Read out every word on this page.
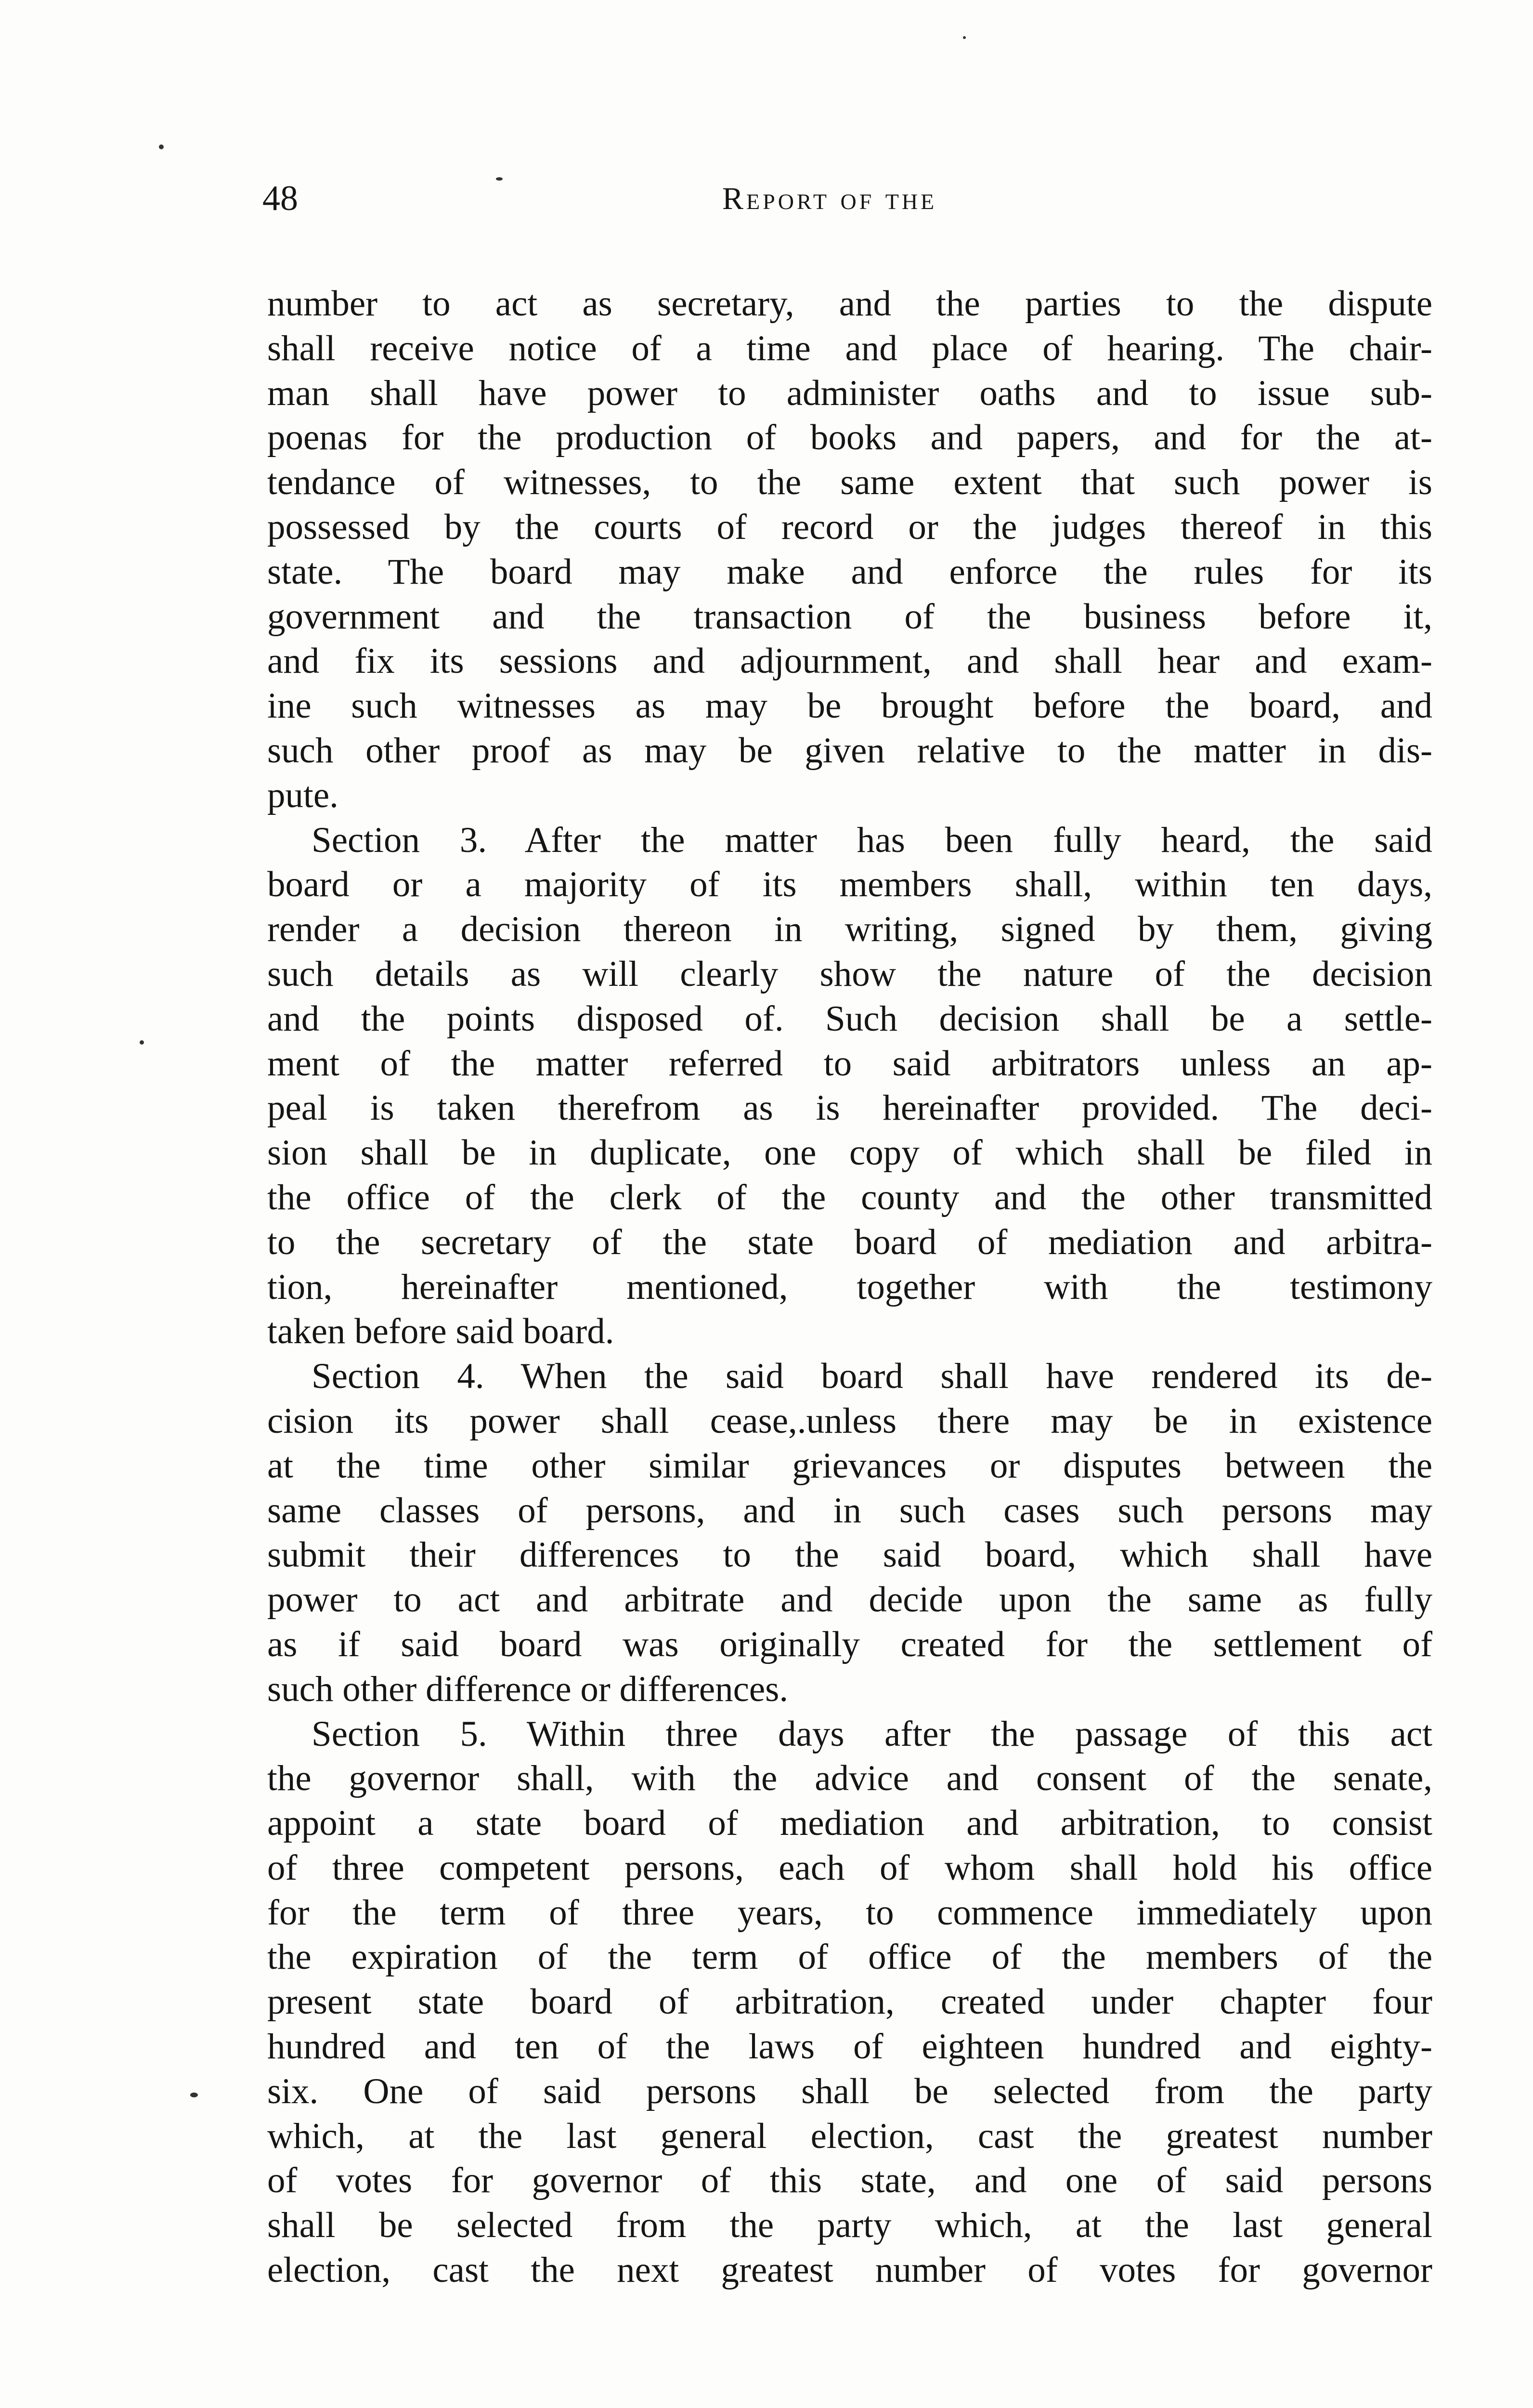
48	Report of the
number to act as secretary, and the parties to the dispute
shall receive notice of a time and place of hearing. The chair-
man shall have power to administer oaths and to issue sub-
poenas for the production of books and papers, and for the at-
tendance of witnesses, to the same extent that such power is
possessed by the courts of record or the judges thereof in this
state. The board may make and enforce the rules for its
government and the transaction of the business before it,
and fix its sessions and adjournment, and shall hear and exam-
ine such witnesses as may be brought before the board, and
such other proof as may be given relative to the matter in dis-
pute.
Section 3. After the matter has been fully heard, the said
board or a majority of its members shall, within ten days,
render a decision thereon in writing, signed by them, giving
such details as will clearly show the nature of the decision
and the points disposed of. Such decision shall be a settle-
ment of the matter referred to said arbitrators unless an ap-
peal is taken therefrom as is hereinafter provided. The deci-
sion shall be in duplicate, one copy of which shall be filed in
the office of the clerk of the county and the other transmitted
to the secretary of the state board of mediation and arbitra-
tion, hereinafter mentioned, together with the testimony
taken before said board.
Section 4. When the said board shall have rendered its de-
cision its power shall cease,.unless there may be in existence
at the time other similar grievances or disputes between the
same classes of persons, and in such cases such persons may
submit their differences to the said board, which shall have
power to act and arbitrate and decide upon the same as fully
as if said board was originally created for the settlement of
such other difference or differences.
Section 5. Within three days after the passage of this act
the governor shall, with the advice and consent of the senate,
appoint a state board of mediation and arbitration, to consist
of three competent persons, each of whom shall hold his office
for the term of three years, to commence immediately upon
the expiration of the term of office of the members of the
present state board of arbitration, created under chapter four
hundred and ten of the laws of eighteen hundred and eighty-
six. One of said persons shall be selected from the party
which, at the last general election, cast the greatest number
of votes for governor of this state, and one of said persons
shall be selected from the party which, at the last general
election, cast the next greatest number of votes for governor
